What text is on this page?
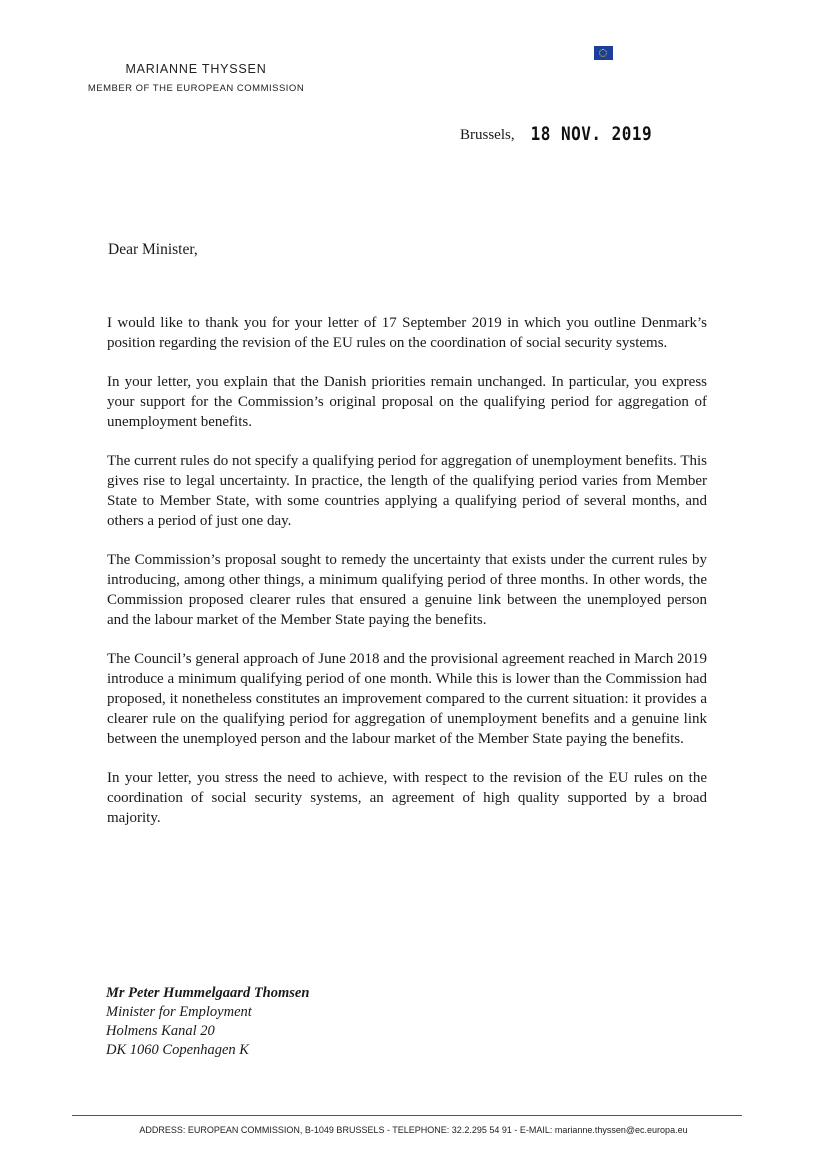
MARIANNE THYSSEN
MEMBER OF THE EUROPEAN COMMISSION
Brussels, 18 NOV. 2019
Dear Minister,

I would like to thank you for your letter of 17 September 2019 in which you outline Denmark’s position regarding the revision of the EU rules on the coordination of social security systems.

In your letter, you explain that the Danish priorities remain unchanged. In particular, you express your support for the Commission’s original proposal on the qualifying period for aggregation of unemployment benefits.

The current rules do not specify a qualifying period for aggregation of unemployment benefits. This gives rise to legal uncertainty. In practice, the length of the qualifying period varies from Member State to Member State, with some countries applying a qualifying period of several months, and others a period of just one day.

The Commission’s proposal sought to remedy the uncertainty that exists under the current rules by introducing, among other things, a minimum qualifying period of three months. In other words, the Commission proposed clearer rules that ensured a genuine link between the unemployed person and the labour market of the Member State paying the benefits.

The Council’s general approach of June 2018 and the provisional agreement reached in March 2019 introduce a minimum qualifying period of one month. While this is lower than the Commission had proposed, it nonetheless constitutes an improvement compared to the current situation: it provides a clearer rule on the qualifying period for aggregation of unemployment benefits and a genuine link between the unemployed person and the labour market of the Member State paying the benefits.

In your letter, you stress the need to achieve, with respect to the revision of the EU rules on the coordination of social security systems, an agreement of high quality supported by a broad majority.

Mr Peter Hummelgaard Thomsen
Minister for Employment
Holmens Kanal 20
DK 1060 Copenhagen K
ADDRESS: EUROPEAN COMMISSION, B-1049 BRUSSELS - TELEPHONE: 32.2.295 54 91 - E-MAIL: marianne.thyssen@ec.europa.eu
